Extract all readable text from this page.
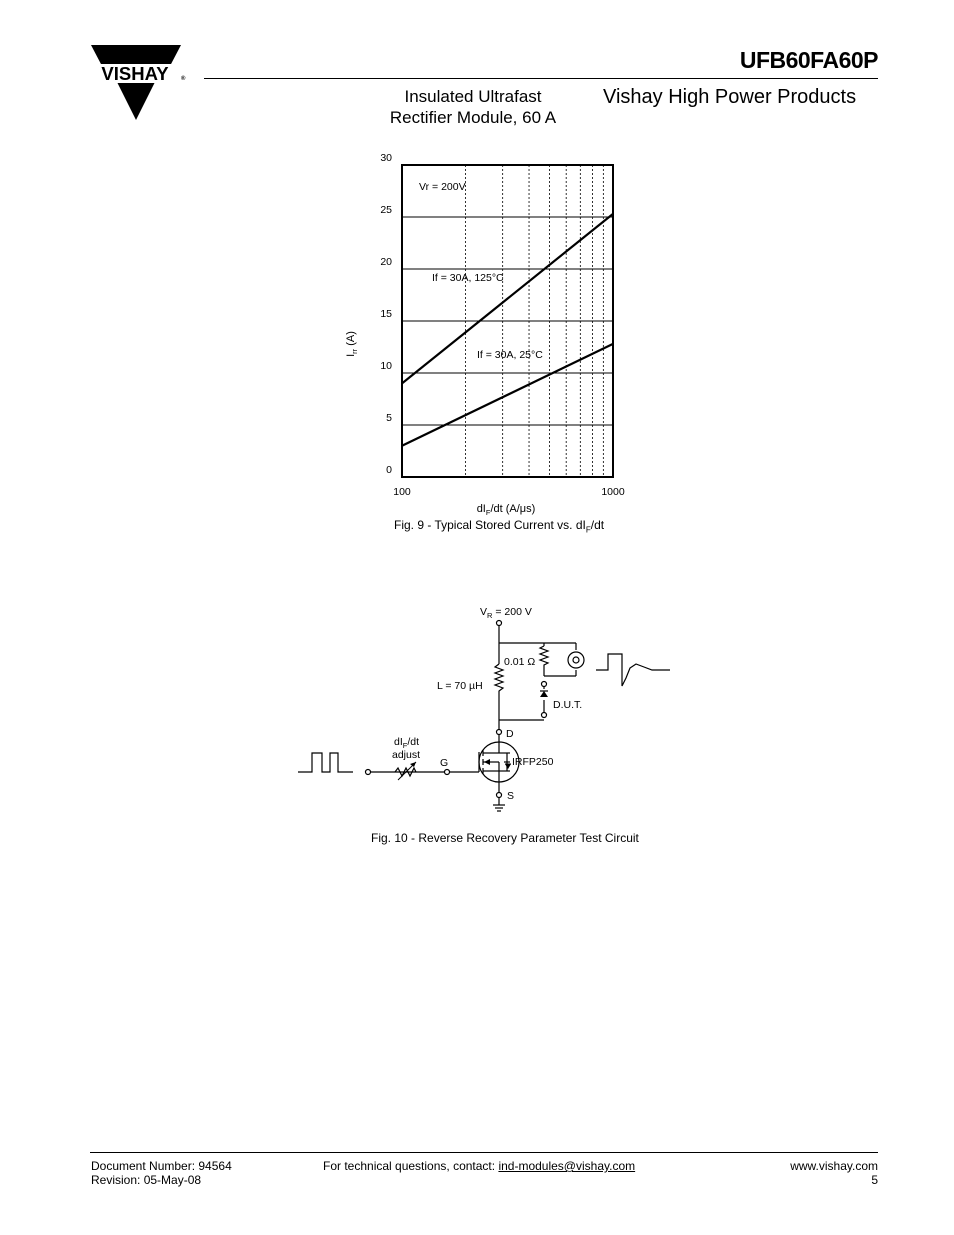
VISHAY ®
UFB60FA60P
Insulated Ultrafast
Rectifier Module, 60 A
Vishay High Power Products
0
5
10
15
20
25
30
100	1000
If = 30A, 125°C
If = 30A, 25°C
Vr = 200V
$I_{rr}$ (A)
$dI_F/dt$ (A/μs)
Fig. 9 - Typical Stored Current vs. $dI_F/dt$
$V_R = 200$ V
0.01 Ω
L = 70 µH
D.U.T.
D
G
S
IRFP250
$dI_F/dt$
adjust
Fig. 10 - Reverse Recovery Parameter Test Circuit
Document Number: 94564
Revision: 05-May-08
For technical questions, contact: ind-modules@vishay.com	www.vishay.com
5
